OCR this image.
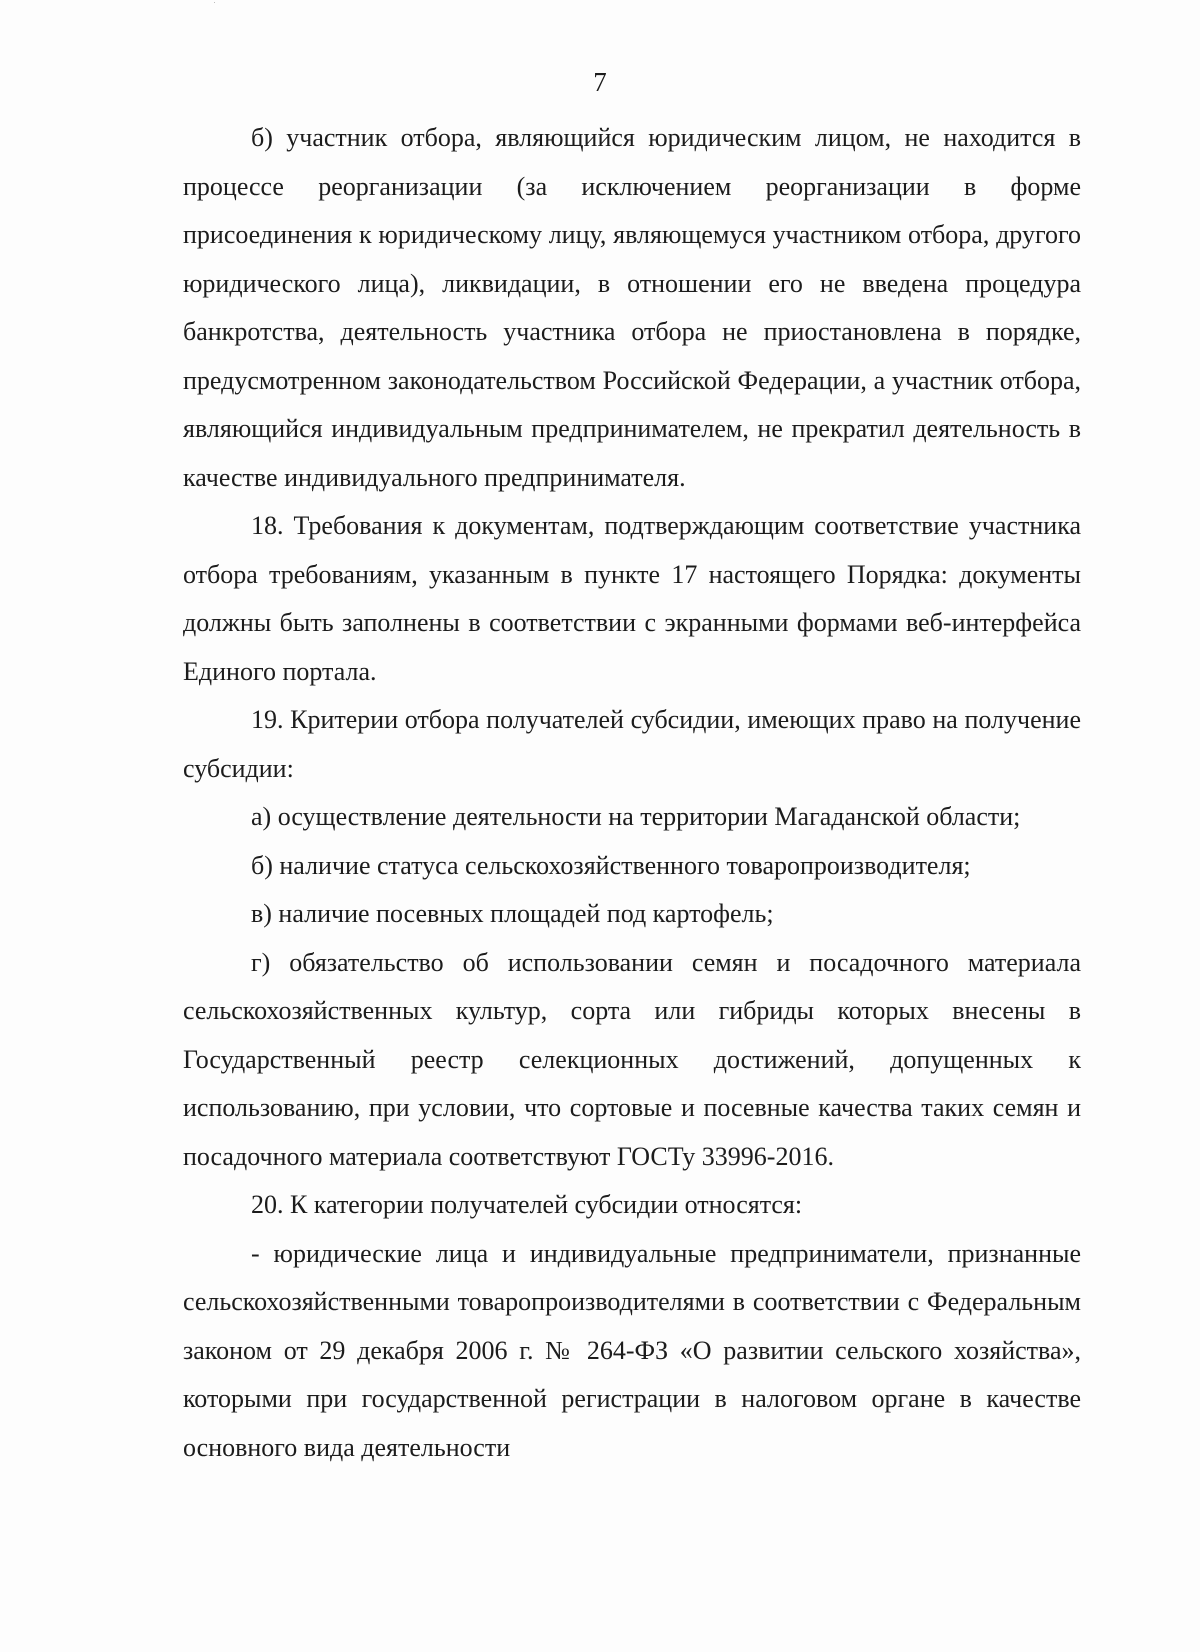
7

б) участник отбора, являющийся юридическим лицом, не находится в процессе реорганизации (за исключением реорганизации в форме присоединения к юридическому лицу, являющемуся участником отбора, другого юридического лица), ликвидации, в отношении его не введена процедура банкротства, деятельность участника отбора не приостановлена в порядке, предусмотренном законодательством Российской Федерации, а участник отбора, являющийся индивидуальным предпринимателем, не прекратил деятельность в качестве индивидуального предпринимателя.

18. Требования к документам, подтверждающим соответствие участника отбора требованиям, указанным в пункте 17 настоящего Порядка: документы должны быть заполнены в соответствии с экранными формами веб-интерфейса Единого портала.

19. Критерии отбора получателей субсидии, имеющих право на получение субсидии:

а) осуществление деятельности на территории Магаданской области;

б) наличие статуса сельскохозяйственного товаропроизводителя;

в) наличие посевных площадей под картофель;

г) обязательство об использовании семян и посадочного материала сельскохозяйственных культур, сорта или гибриды которых внесены в Государственный реестр селекционных достижений, допущенных к использованию, при условии, что сортовые и посевные качества таких семян и посадочного материала соответствуют ГОСТу 33996-2016.

20. К категории получателей субсидии относятся:

- юридические лица и индивидуальные предприниматели, признанные сельскохозяйственными товаропроизводителями в соответствии с Федеральным законом от 29 декабря 2006 г. № 264-ФЗ «О развитии сельского хозяйства», которыми при государственной регистрации в налоговом органе в качестве основного вида деятельности
